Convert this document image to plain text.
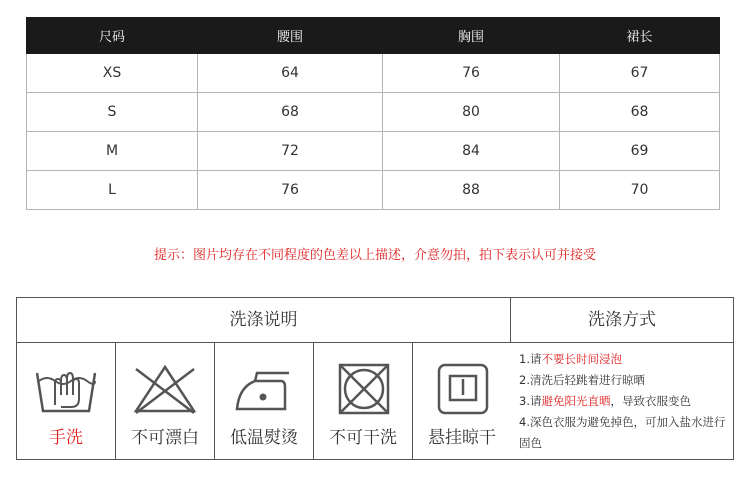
尺码	腰围	胸围	裙长
XS	64	76	67
S	68	80	68
M	72	84	69
L	76	88	70
提示：图片均存在不同程度的色差以上描述，介意勿拍，拍下表示认可并接受
洗涤说明	洗涤方式
手洗	不可漂白	低温熨烫	不可干洗	悬挂晾干
1.请不要长时间浸泡
2.清洗后轻跳着进行晾晒
3.请避免阳光直晒，导致衣服变色
4.深色衣服为避免掉色，可加入盐水进行固色
